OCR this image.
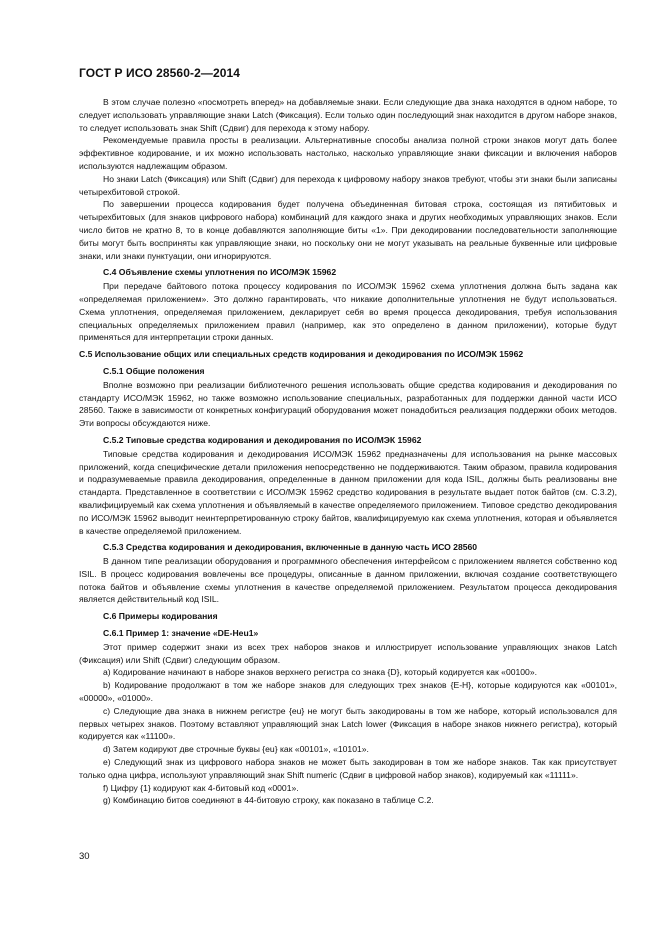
ГОСТ Р ИСО 28560-2—2014

В этом случае полезно «посмотреть вперед» на добавляемые знаки. Если следующие два знака находятся в одном наборе, то следует использовать управляющие знаки Latch (Фиксация). Если только один последующий знак находится в другом наборе знаков, то следует использовать знак Shift (Сдвиг) для перехода к этому набору.

Рекомендуемые правила просты в реализации. Альтернативные способы анализа полной строки знаков могут дать более эффективное кодирование, и их можно использовать настолько, насколько управляющие знаки фиксации и включения наборов используются надлежащим образом.

Но знаки Latch (Фиксация) или Shift (Сдвиг) для перехода к цифровому набору знаков требуют, чтобы эти знаки были записаны четырехбитовой строкой.

По завершении процесса кодирования будет получена объединенная битовая строка, состоящая из пятибитовых и четырехбитовых (для знаков цифрового набора) комбинаций для каждого знака и других необходимых управляющих знаков. Если число битов не кратно 8, то в конце добавляются заполняющие биты «1». При декодировании последовательности заполняющие биты могут быть восприняты как управляющие знаки, но поскольку они не могут указывать на реальные буквенные или цифровые знаки, или знаки пунктуации, они игнорируются.

С.4 Объявление схемы уплотнения по ИСО/МЭК 15962

При передаче байтового потока процессу кодирования по ИСО/МЭК 15962 схема уплотнения должна быть задана как «определяемая приложением». Это должно гарантировать, что никакие дополнительные уплотнения не будут использоваться. Схема уплотнения, определяемая приложением, декларирует себя во время процесса декодирования, требуя использования специальных определяемых приложением правил (например, как это определено в данном приложении), которые будут применяться для интерпретации строки данных.

С.5 Использование общих или специальных средств кодирования и декодирования по ИСО/МЭК 15962

С.5.1 Общие положения

Вполне возможно при реализации библиотечного решения использовать общие средства кодирования и декодирования по стандарту ИСО/МЭК 15962, но также возможно использование специальных, разработанных для поддержки данной части ИСО 28560. Также в зависимости от конкретных конфигураций оборудования может понадобиться реализация поддержки обоих методов. Эти вопросы обсуждаются ниже.

С.5.2 Типовые средства кодирования и декодирования по ИСО/МЭК 15962

Типовые средства кодирования и декодирования ИСО/МЭК 15962 предназначены для использования на рынке массовых приложений, когда специфические детали приложения непосредственно не поддерживаются. Таким образом, правила кодирования и подразумеваемые правила декодирования, определенные в данном приложении для кода ISIL, должны быть реализованы вне стандарта. Представленное в соответствии с ИСО/МЭК 15962 средство кодирования в результате выдает поток байтов (см. С.3.2), квалифицируемый как схема уплотнения и объявляемый в качестве определяемого приложением. Типовое средство декодирования по ИСО/МЭК 15962 выводит неинтерпретированную строку байтов, квалифицируемую как схема уплотнения, которая и объявляется в качестве определяемой приложением.

С.5.3 Средства кодирования и декодирования, включенные в данную часть ИСО 28560

В данном типе реализации оборудования и программного обеспечения интерфейсом с приложением является собственно код ISIL. В процесс кодирования вовлечены все процедуры, описанные в данном приложении, включая создание соответствующего потока байтов и объявление схемы уплотнения в качестве определяемой приложением. Результатом процесса декодирования является действительный код ISIL.

С.6 Примеры кодирования

С.6.1 Пример 1: значение «DE-Heu1»

Этот пример содержит знаки из всех трех наборов знаков и иллюстрирует использование управляющих знаков Latch (Фиксация) или Shift (Сдвиг) следующим образом.

a) Кодирование начинают в наборе знаков верхнего регистра со знака {D}, который кодируется как «00100».

b) Кодирование продолжают в том же наборе знаков для следующих трех знаков {E-H}, которые кодируются как «00101», «00000», «01000».

c) Следующие два знака в нижнем регистре {eu} не могут быть закодированы в том же наборе, который использовался для первых четырех знаков. Поэтому вставляют управляющий знак Latch lower (Фиксация в наборе знаков нижнего регистра), который кодируется как «11100».

d) Затем кодируют две строчные буквы {eu} как «00101», «10101».

e) Следующий знак из цифрового набора знаков не может быть закодирован в том же наборе знаков. Так как присутствует только одна цифра, используют управляющий знак Shift numeric (Сдвиг в цифровой набор знаков), кодируемый как «11111».

f) Цифру {1} кодируют как 4-битовый код «0001».

g) Комбинацию битов соединяют в 44-битовую строку, как показано в таблице С.2.

30
